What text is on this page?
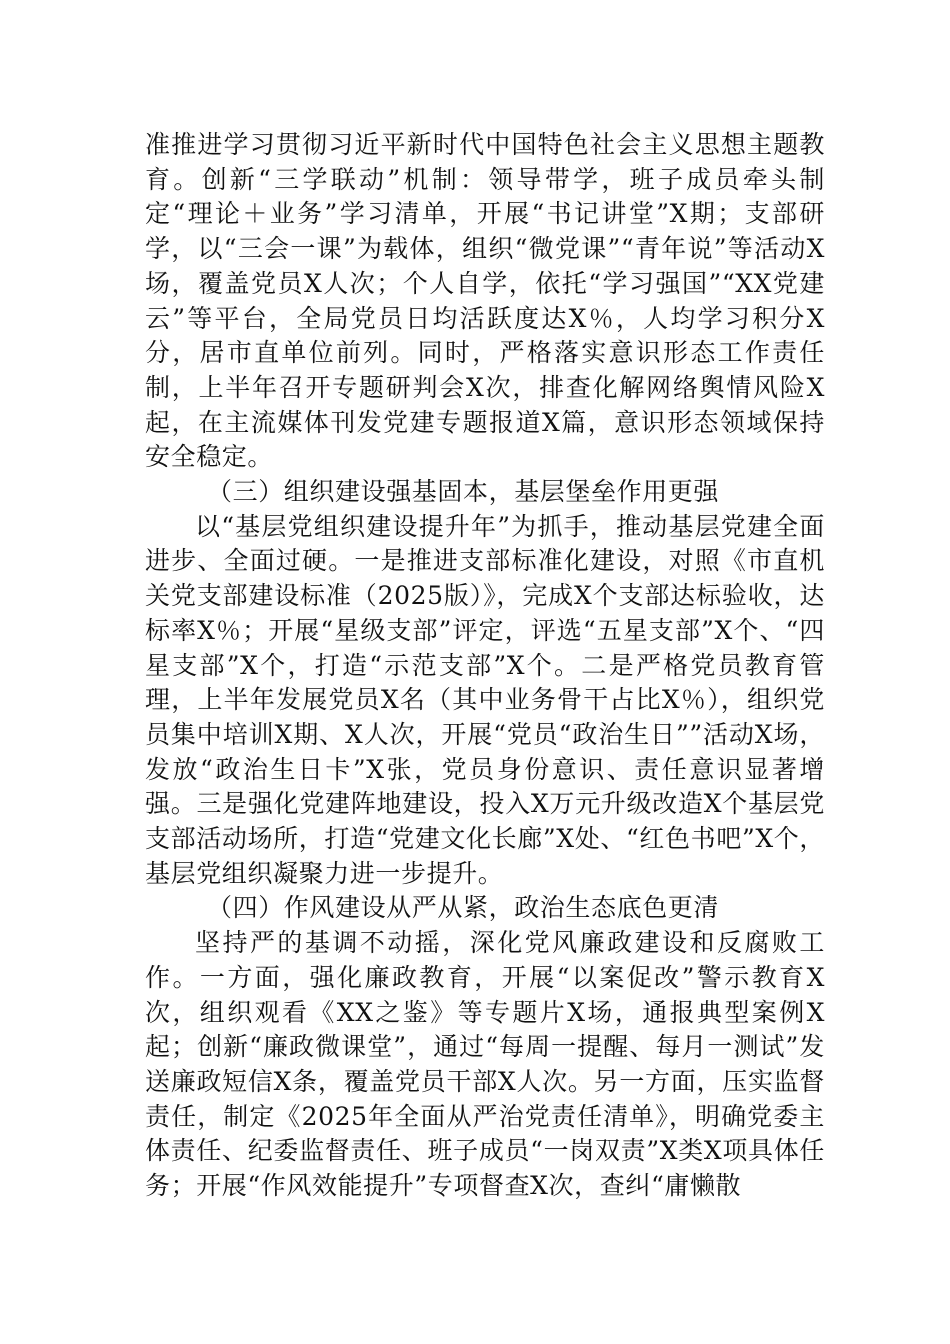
准推进学习贯彻习近平新时代中国特色社会主义思想主题教育。创新“三学联动”机制：领导带学，班子成员牵头制定“理论＋业务”学习清单，开展“书记讲堂”X期；支部研学，以“三会一课”为载体，组织“微党课”“青年说”等活动X场，覆盖党员X人次；个人自学，依托“学习强国”“XX党建云”等平台，全局党员日均活跃度达X％，人均学习积分X分，居市直单位前列。同时，严格落实意识形态工作责任制，上半年召开专题研判会X次，排查化解网络舆情风险X起，在主流媒体刊发党建专题报道X篇，意识形态领域保持安全稳定。

（三）组织建设强基固本，基层堡垒作用更强

以“基层党组织建设提升年”为抓手，推动基层党建全面进步、全面过硬。一是推进支部标准化建设，对照《市直机关党支部建设标准（2025版）》，完成X个支部达标验收，达标率X％；开展“星级支部”评定，评选“五星支部”X个、“四星支部”X个，打造“示范支部”X个。二是严格党员教育管理，上半年发展党员X名（其中业务骨干占比X％），组织党员集中培训X期、X人次，开展“党员“政治生日””活动X场，发放“政治生日卡”X张，党员身份意识、责任意识显著增强。三是强化党建阵地建设，投入X万元升级改造X个基层党支部活动场所，打造“党建文化长廊”X处、“红色书吧”X个，基层党组织凝聚力进一步提升。

（四）作风建设从严从紧，政治生态底色更清

坚持严的基调不动摇，深化党风廉政建设和反腐败工作。一方面，强化廉政教育，开展“以案促改”警示教育X次，组织观看《XX之鉴》等专题片X场，通报典型案例X起；创新“廉政微课堂”，通过“每周一提醒、每月一测试”发送廉政短信X条，覆盖党员干部X人次。另一方面，压实监督责任，制定《2025年全面从严治党责任清单》，明确党委主体责任、纪委监督责任、班子成员“一岗双责”X类X项具体任务；开展“作风效能提升”专项督查X次，查纠“庸懒散
